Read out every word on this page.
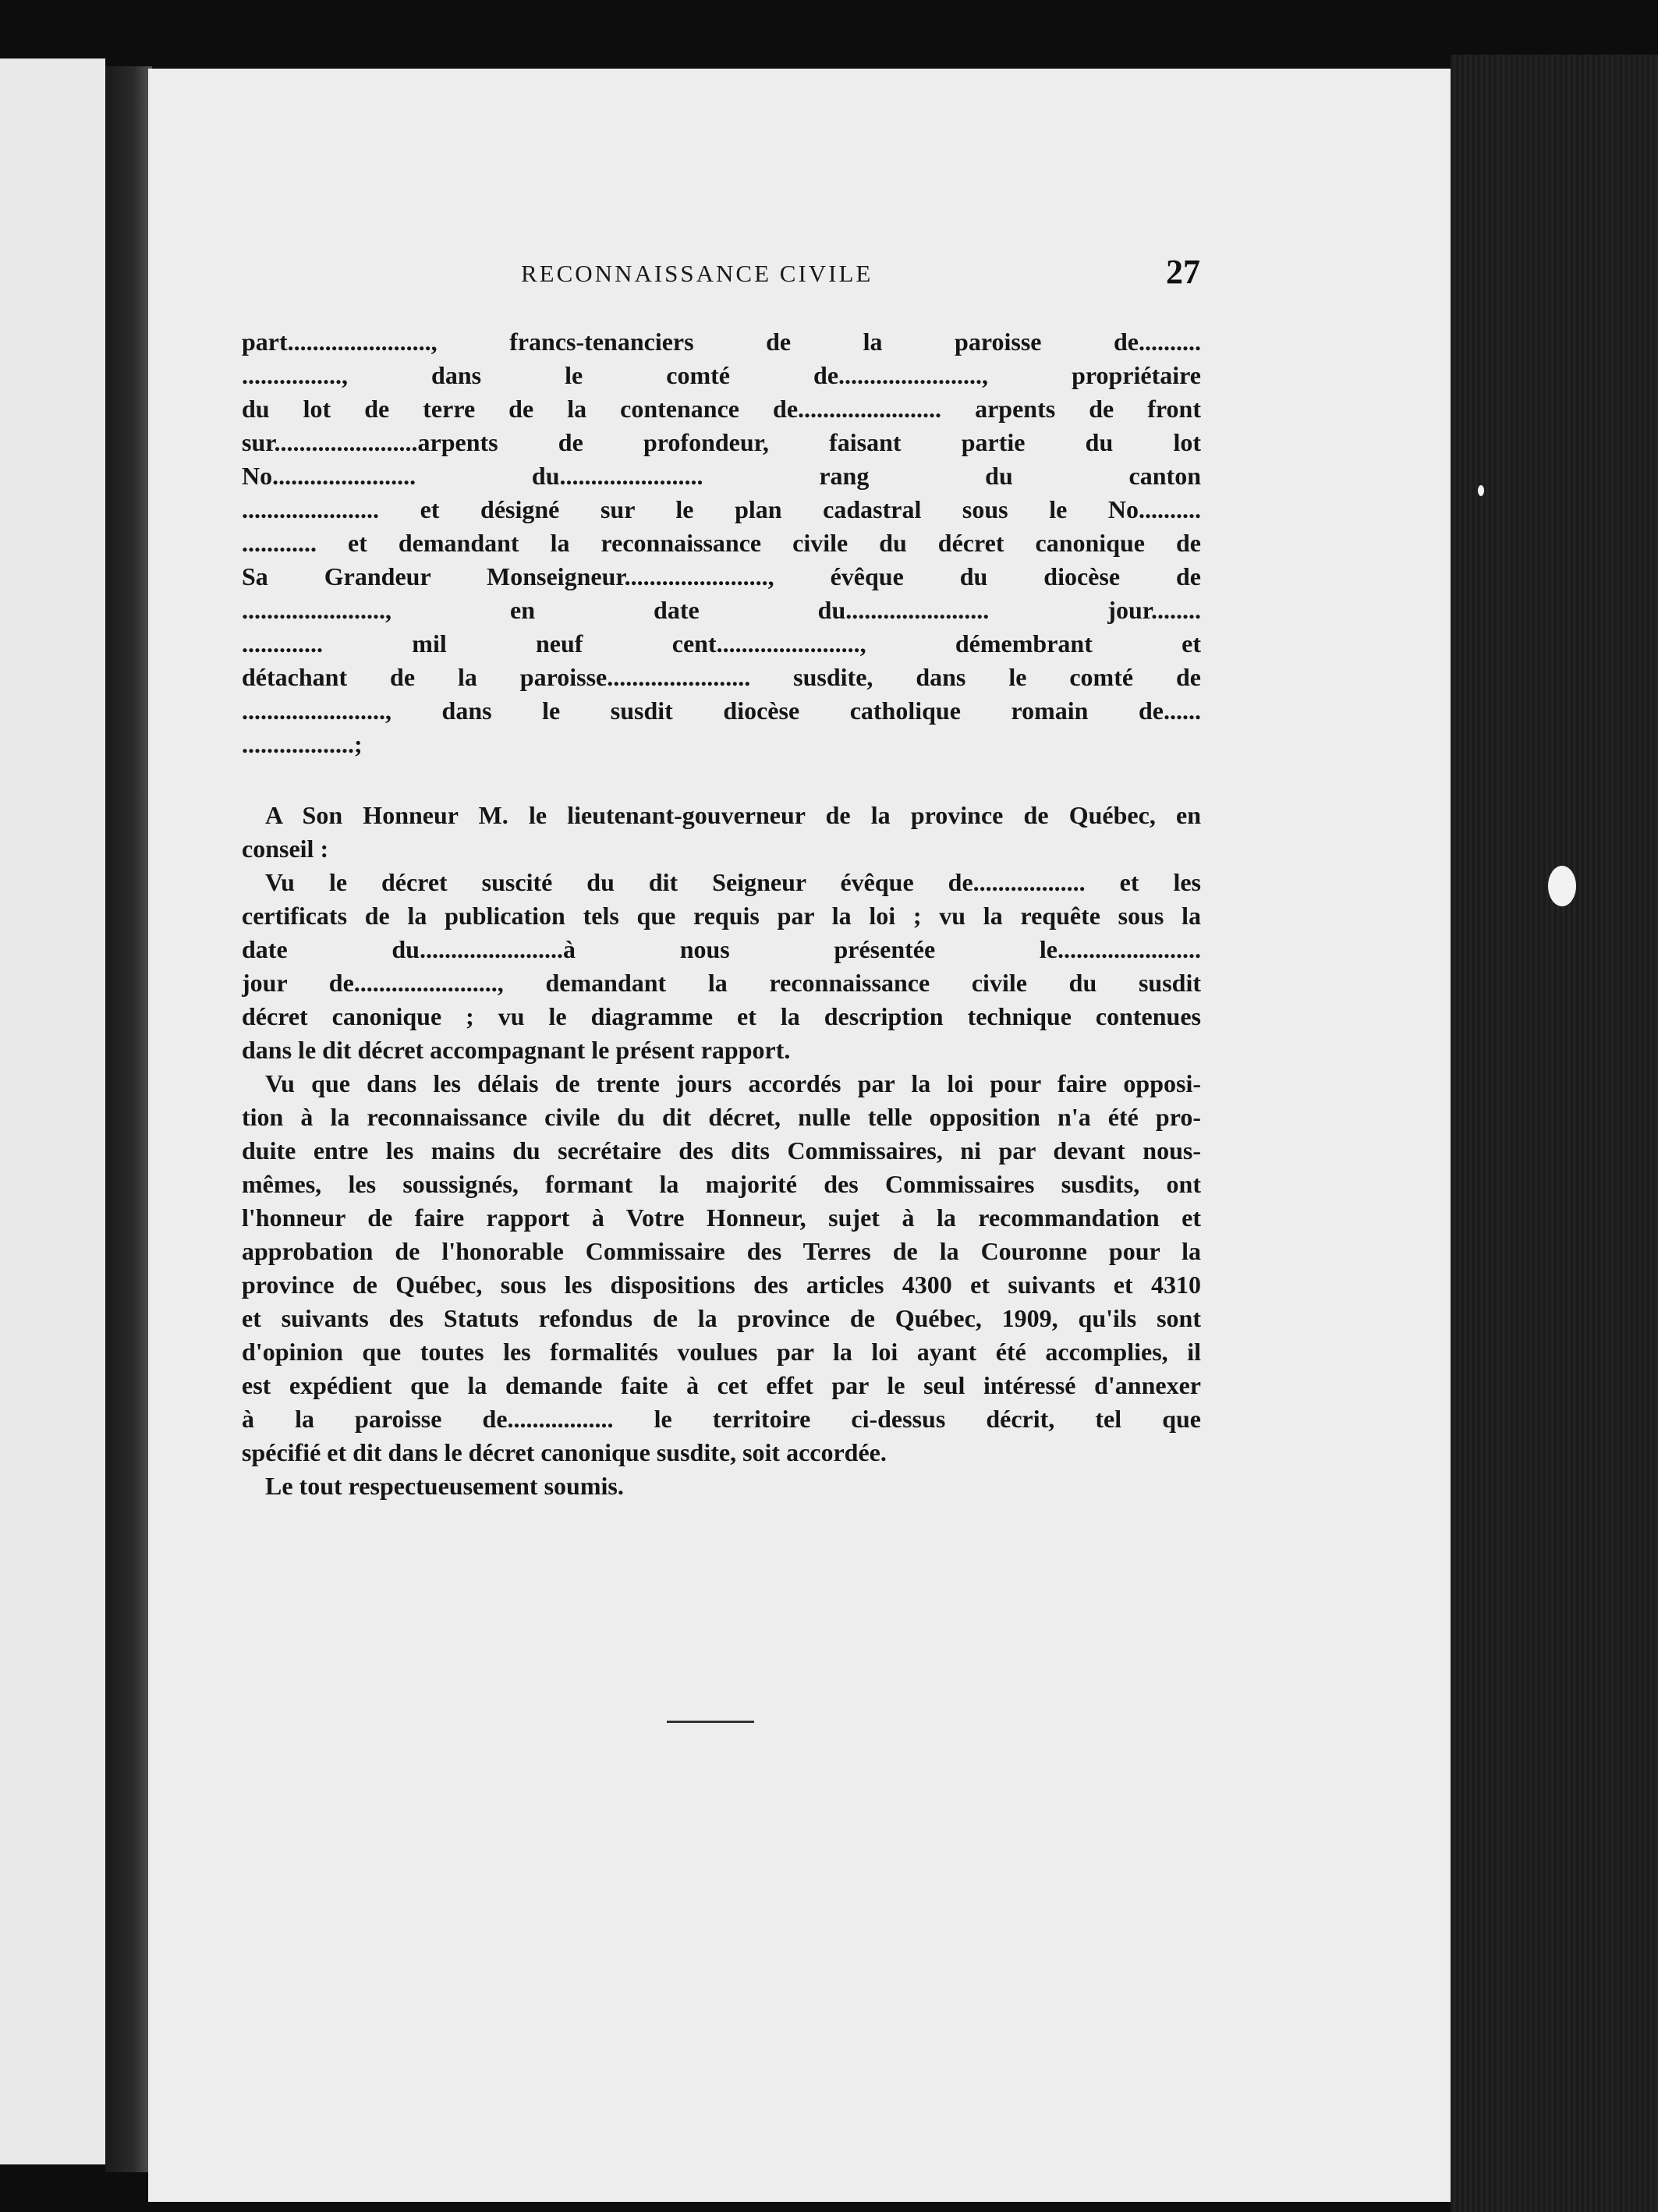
RECONNAISSANCE CIVILE	27
part......................., francs-tenanciers de la paroisse de..........
................, dans le comté de......................., propriétaire
du lot de terre de la contenance de....................... arpents de front
sur.......................arpents de profondeur, faisant partie du lot
No....................... du....................... rang du canton
...................... et désigné sur le plan cadastral sous le No..........
............ et demandant la reconnaissance civile du décret canonique de
Sa Grandeur Monseigneur......................., évêque du diocèse de
......................., en date du....................... jour........
............. mil neuf cent......................., démembrant et
détachant de la paroisse....................... susdite, dans le comté de
......................., dans le susdit diocèse catholique romain de......
..................;
A Son Honneur M. le lieutenant-gouverneur de la province de Québec, en
conseil :
Vu le décret suscité du dit Seigneur évêque de.................. et les
certificats de la publication tels que requis par la loi ; vu la requête sous la
date du.......................à nous présentée le.......................
jour de......................., demandant la reconnaissance civile du susdit
décret canonique ; vu le diagramme et la description technique contenues
dans le dit décret accompagnant le présent rapport.
Vu que dans les délais de trente jours accordés par la loi pour faire opposi-
tion à la reconnaissance civile du dit décret, nulle telle opposition n'a été pro-
duite entre les mains du secrétaire des dits Commissaires, ni par devant nous-
mêmes, les soussignés, formant la majorité des Commissaires susdits, ont
l'honneur de faire rapport à Votre Honneur, sujet à la recommandation et
approbation de l'honorable Commissaire des Terres de la Couronne pour la
province de Québec, sous les dispositions des articles 4300 et suivants et 4310
et suivants des Statuts refondus de la province de Québec, 1909, qu'ils sont
d'opinion que toutes les formalités voulues par la loi ayant été accomplies, il
est expédient que la demande faite à cet effet par le seul intéressé d'annexer
à la paroisse de................. le territoire ci-dessus décrit, tel que
spécifié et dit dans le décret canonique susdite, soit accordée.
Le tout respectueusement soumis.
